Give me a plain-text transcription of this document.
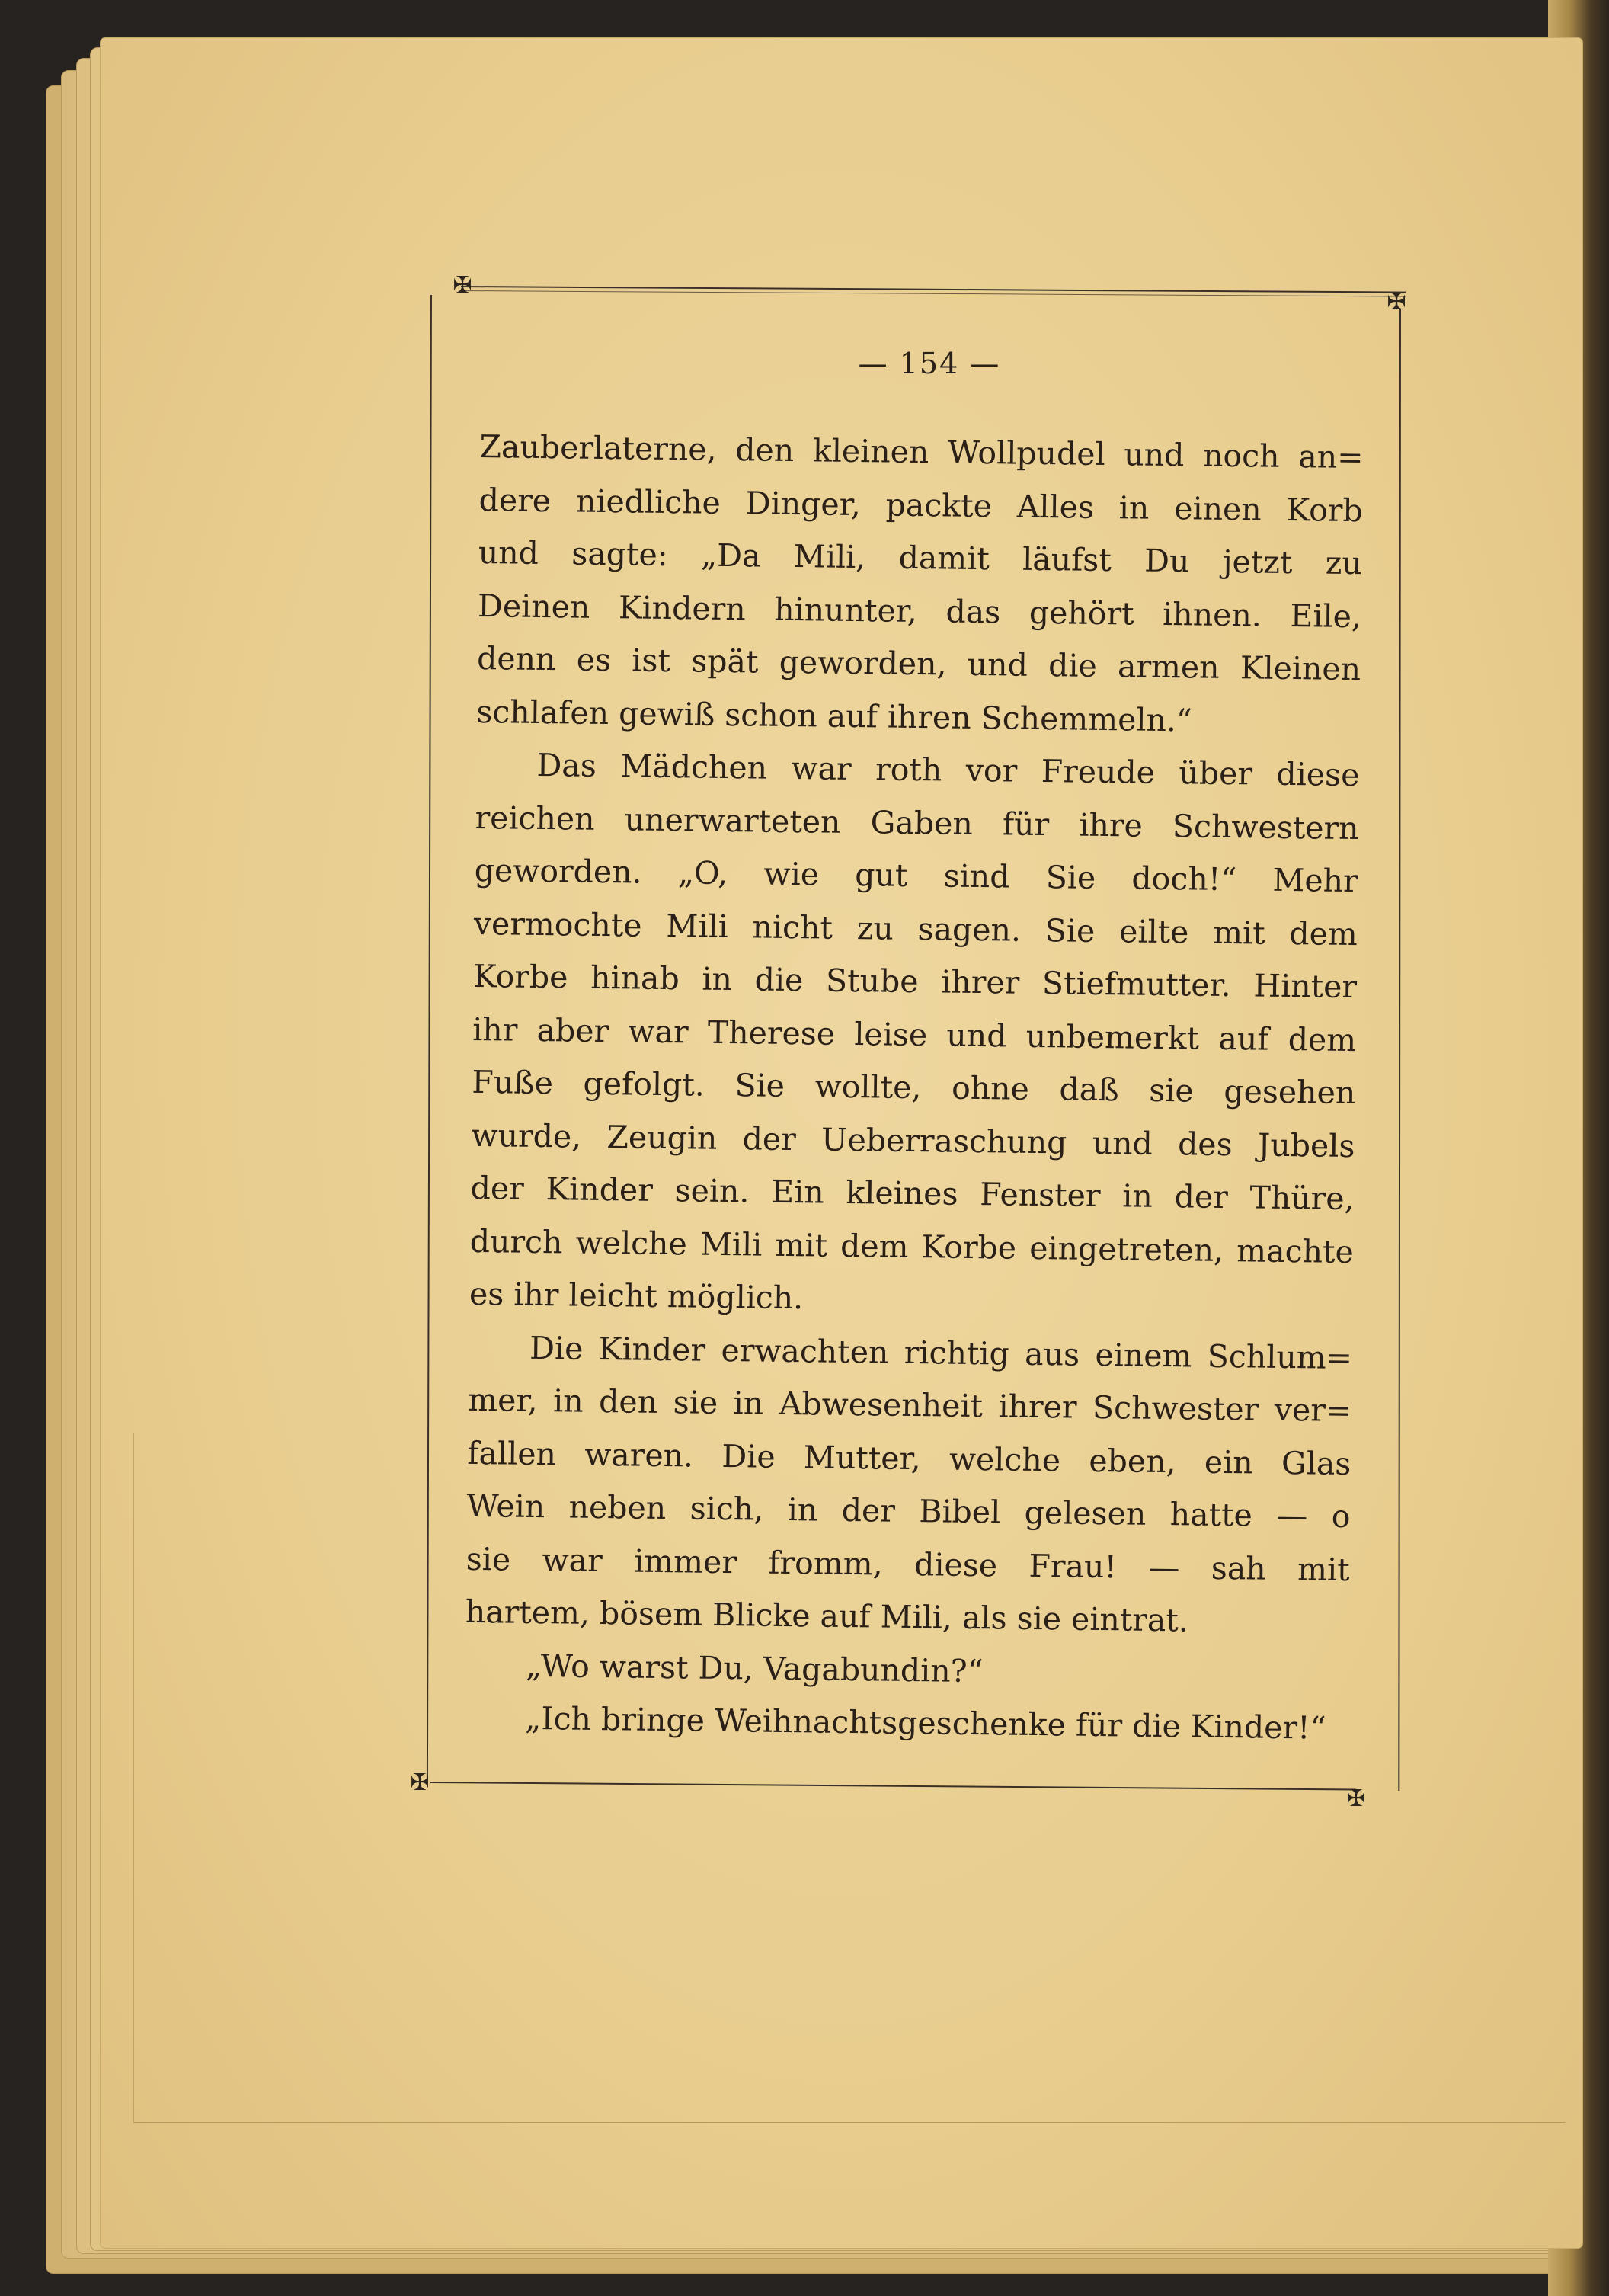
✠
✠
✠
✠
— 154 —
Zauberlaterne, den kleinen Wollpudel und noch an=
dere niedliche Dinger, packte Alles in einen Korb
und sagte: „Da Mili, damit läufst Du jetzt zu
Deinen Kindern hinunter, das gehört ihnen. Eile,
denn es ist spät geworden, und die armen Kleinen
schlafen gewiß schon auf ihren Schemmeln.“
Das Mädchen war roth vor Freude über diese
reichen unerwarteten Gaben für ihre Schwestern
geworden. „O, wie gut sind Sie doch!“ Mehr
vermochte Mili nicht zu sagen. Sie eilte mit dem
Korbe hinab in die Stube ihrer Stiefmutter. Hinter
ihr aber war Therese leise und unbemerkt auf dem
Fuße gefolgt. Sie wollte, ohne daß sie gesehen
wurde, Zeugin der Ueberraschung und des Jubels
der Kinder sein. Ein kleines Fenster in der Thüre,
durch welche Mili mit dem Korbe eingetreten, machte
es ihr leicht möglich.
Die Kinder erwachten richtig aus einem Schlum=
mer, in den sie in Abwesenheit ihrer Schwester ver=
fallen waren. Die Mutter, welche eben, ein Glas
Wein neben sich, in der Bibel gelesen hatte — o
sie war immer fromm, diese Frau! — sah mit
hartem, bösem Blicke auf Mili, als sie eintrat.
„Wo warst Du, Vagabundin?“
„Ich bringe Weihnachtsgeschenke für die Kinder!“
